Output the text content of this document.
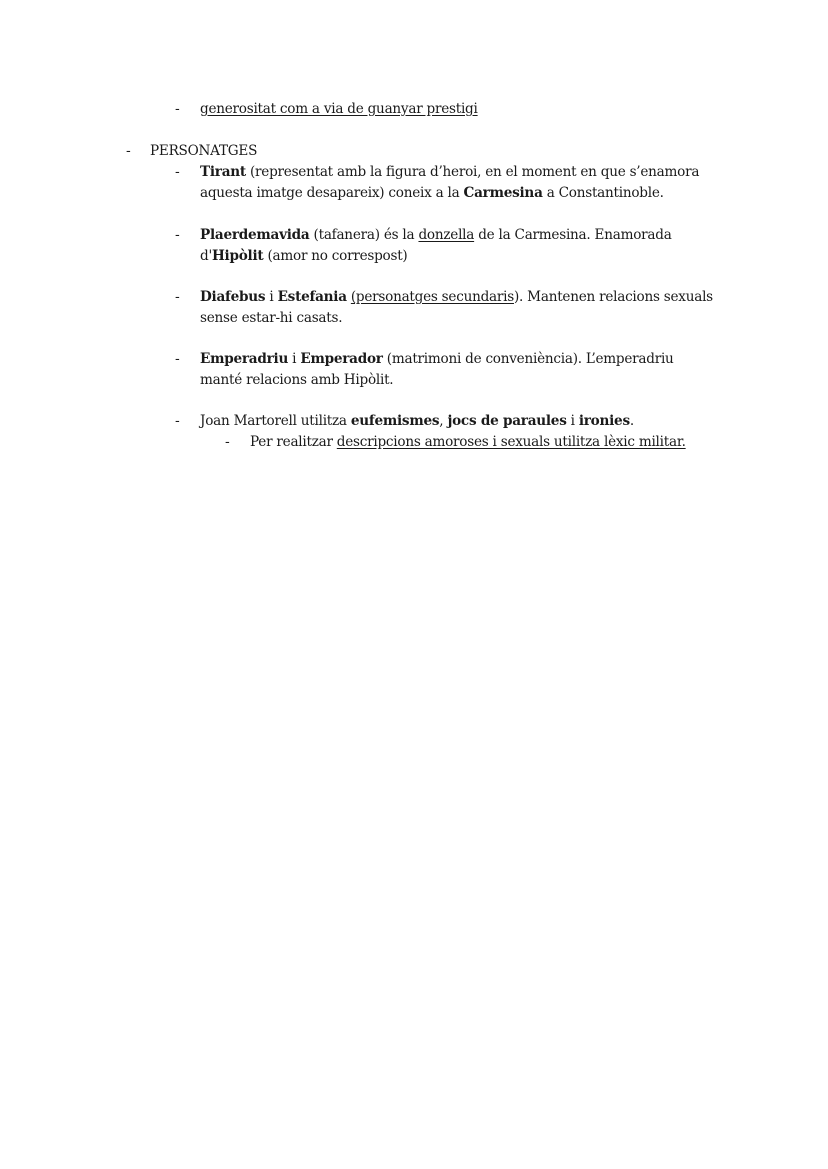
- generositat com a via de guanyar prestigi
- PERSONATGES
- Tirant (representat amb la figura d’heroi, en el moment en que s’enamora
aquesta imatge desapareix) coneix a la Carmesina a Constantinoble.
- Plaerdemavida (tafanera) és la donzella de la Carmesina. Enamorada
d'Hipòlit (amor no correspost)
- Diafebus i Estefania (personatges secundaris). Mantenen relacions sexuals
sense estar-hi casats.
- Emperadriu i Emperador (matrimoni de conveniència). L’emperadriu
manté relacions amb Hipòlit.
- Joan Martorell utilitza eufemismes, jocs de paraules i ironies.
- Per realitzar descripcions amoroses i sexuals utilitza lèxic militar.
